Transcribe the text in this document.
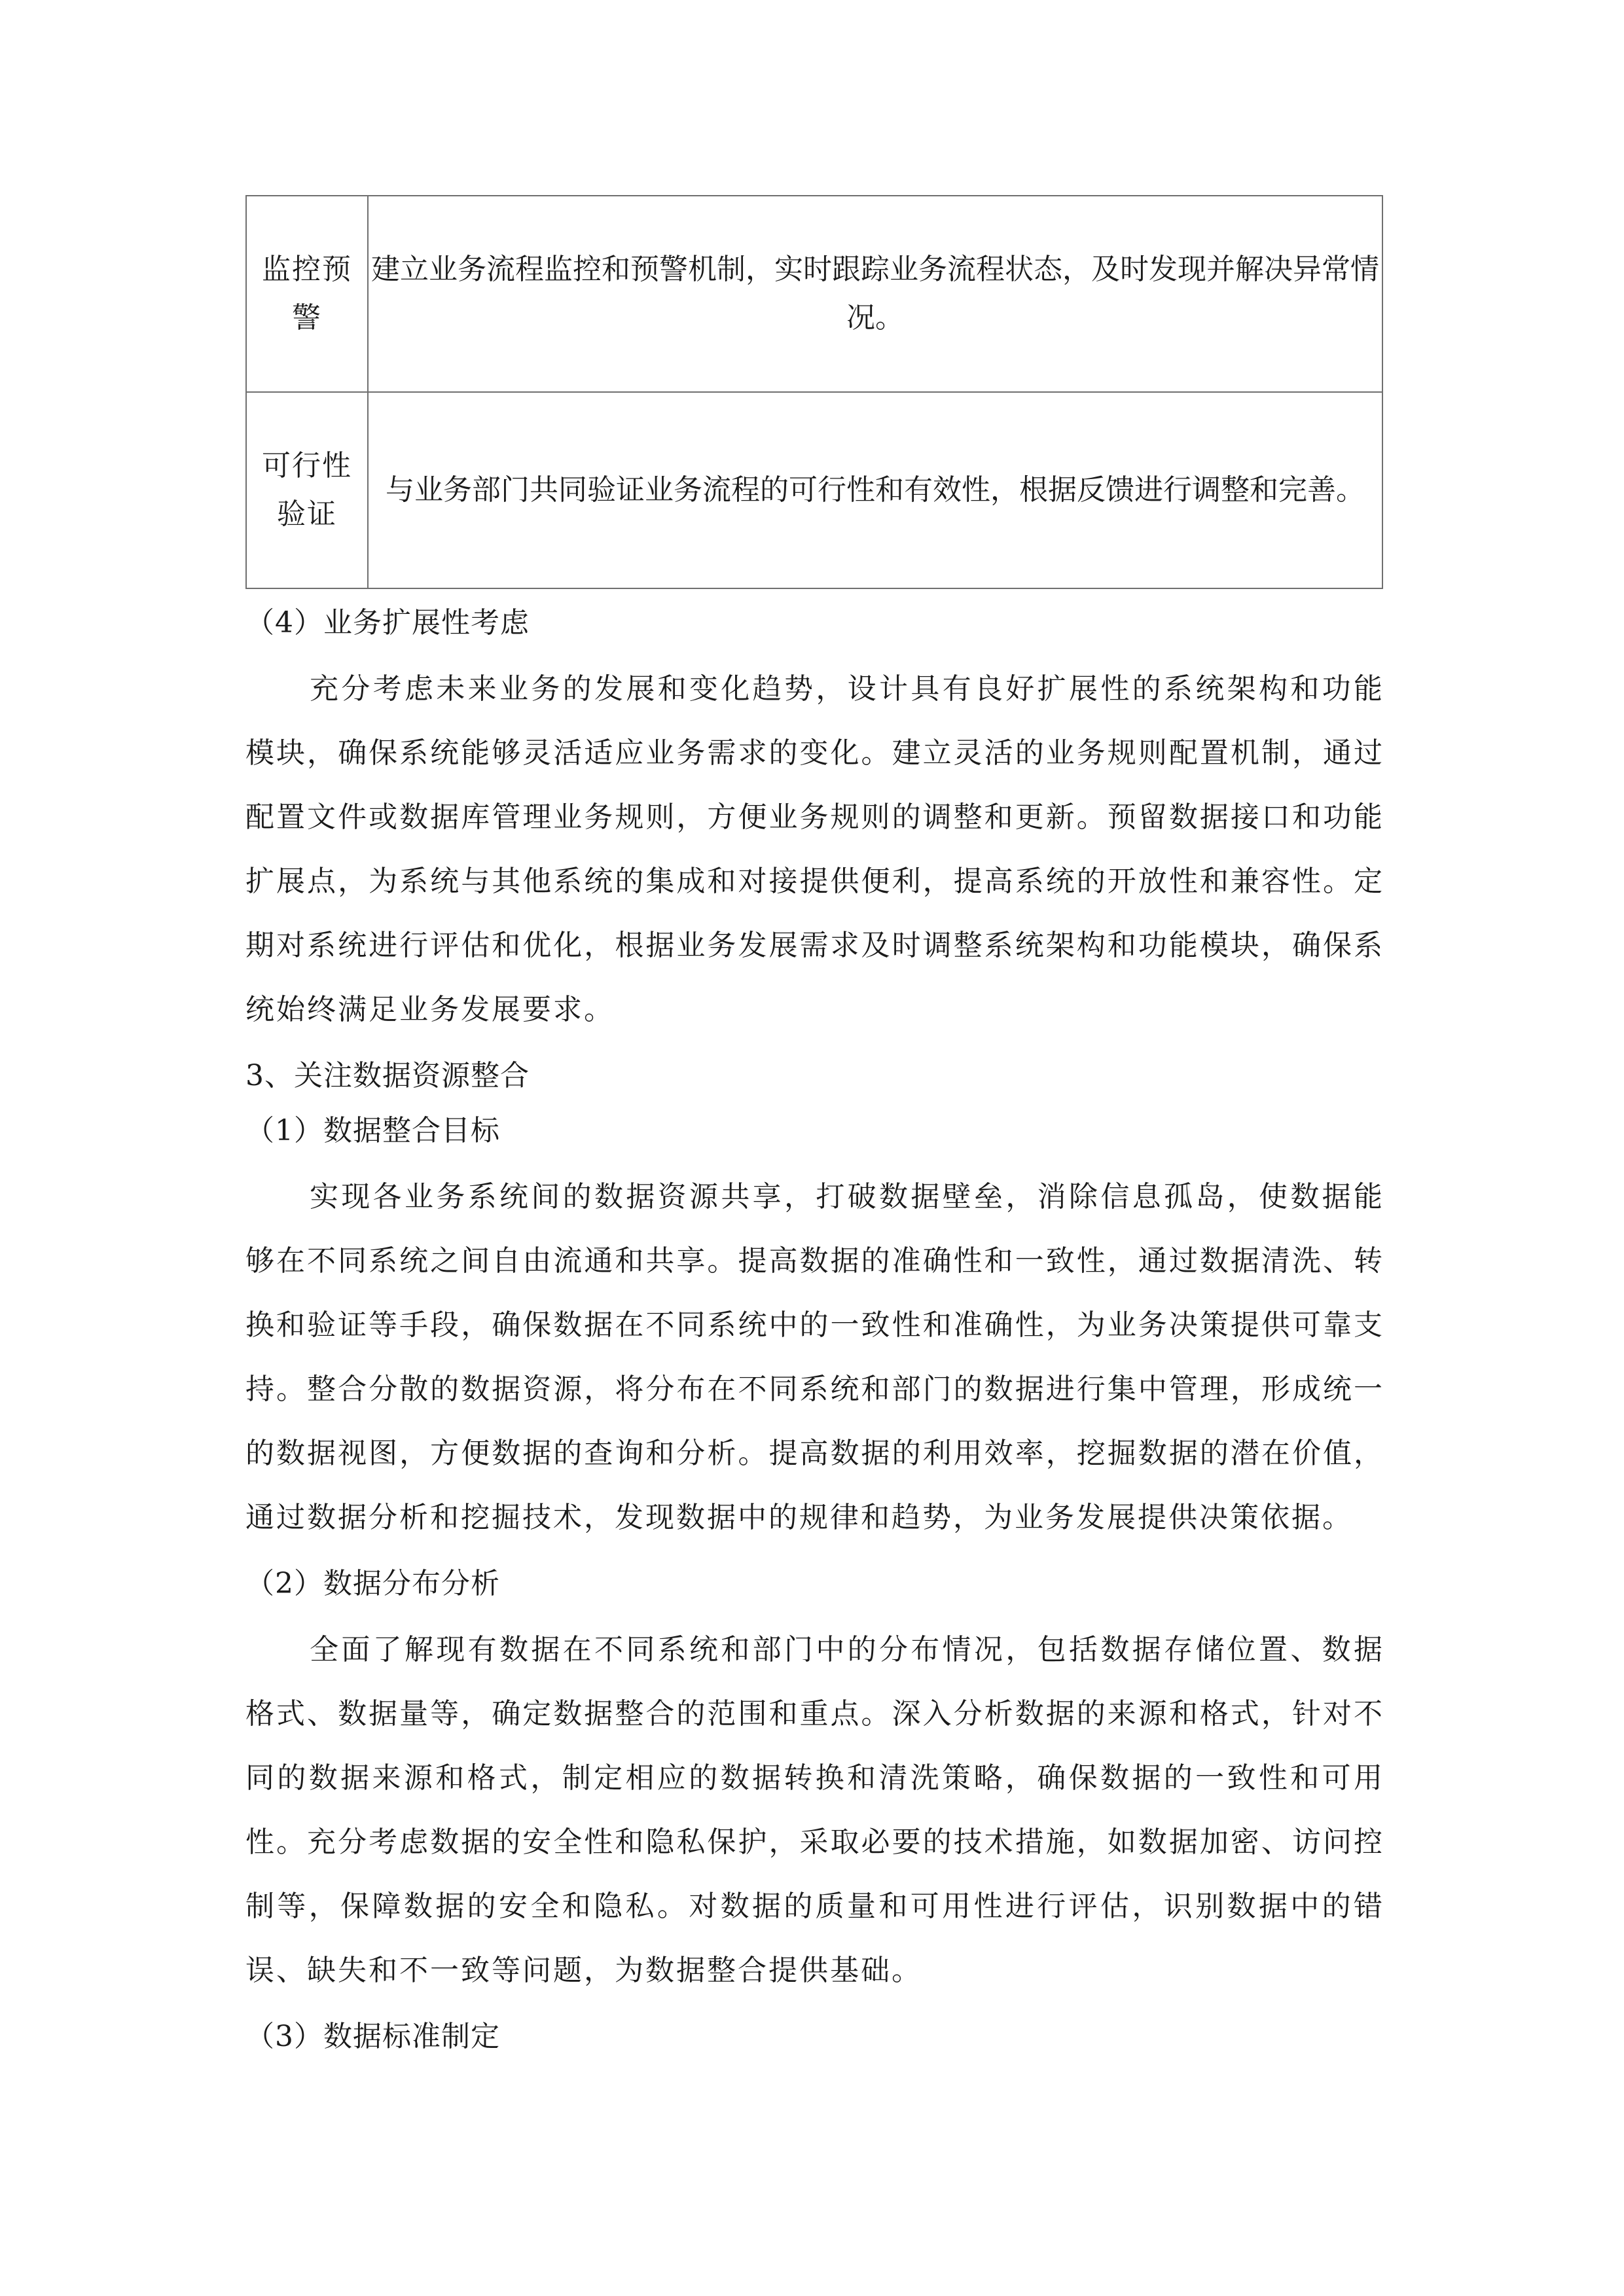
监控预警	建立业务流程监控和预警机制，实时跟踪业务流程状态，及时发现并解决异常情况。
可行性验证	与业务部门共同验证业务流程的可行性和有效性，根据反馈进行调整和完善。

（4）业务扩展性考虑

充分考虑未来业务的发展和变化趋势，设计具有良好扩展性的系统架构和功能模块，确保系统能够灵活适应业务需求的变化。建立灵活的业务规则配置机制，通过配置文件或数据库管理业务规则，方便业务规则的调整和更新。预留数据接口和功能扩展点，为系统与其他系统的集成和对接提供便利，提高系统的开放性和兼容性。定期对系统进行评估和优化，根据业务发展需求及时调整系统架构和功能模块，确保系统始终满足业务发展要求。

3、关注数据资源整合

（1）数据整合目标

实现各业务系统间的数据资源共享，打破数据壁垒，消除信息孤岛，使数据能够在不同系统之间自由流通和共享。提高数据的准确性和一致性，通过数据清洗、转换和验证等手段，确保数据在不同系统中的一致性和准确性，为业务决策提供可靠支持。整合分散的数据资源，将分布在不同系统和部门的数据进行集中管理，形成统一的数据视图，方便数据的查询和分析。提高数据的利用效率，挖掘数据的潜在价值，通过数据分析和挖掘技术，发现数据中的规律和趋势，为业务发展提供决策依据。

（2）数据分布分析

全面了解现有数据在不同系统和部门中的分布情况，包括数据存储位置、数据格式、数据量等，确定数据整合的范围和重点。深入分析数据的来源和格式，针对不同的数据来源和格式，制定相应的数据转换和清洗策略，确保数据的一致性和可用性。充分考虑数据的安全性和隐私保护，采取必要的技术措施，如数据加密、访问控制等，保障数据的安全和隐私。对数据的质量和可用性进行评估，识别数据中的错误、缺失和不一致等问题，为数据整合提供基础。

（3）数据标准制定
